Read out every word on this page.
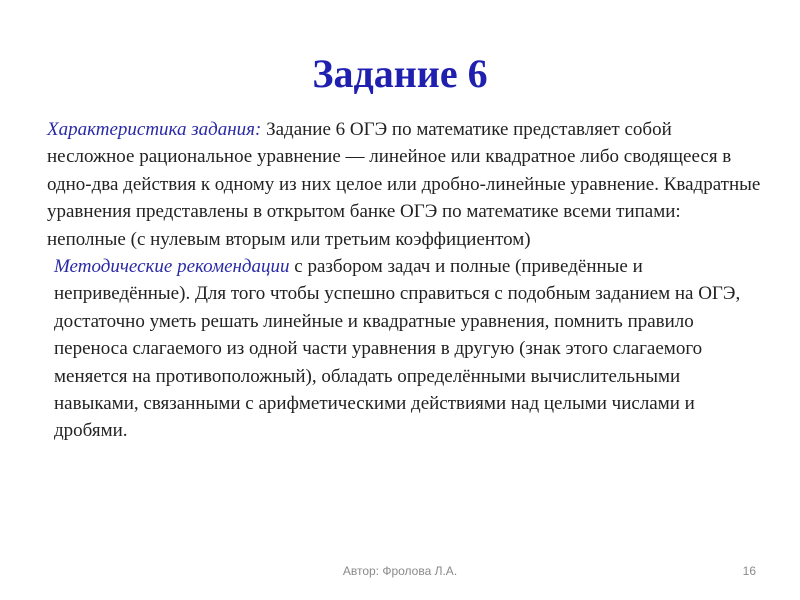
Задание 6

Характеристика задания: Задание 6 ОГЭ по математике представляет собой несложное рациональное уравнение — линейное или квадратное либо сводящееся в одно-два действия к одному из них целое или дробно-линейные уравнение. Квадратные уравнения представлены в открытом банке ОГЭ по математике всеми типами: неполные (с нулевым вторым или третьим коэффициентом)

Методические рекомендации с разбором задач и полные (приведённые и неприведённые). Для того чтобы успешно справиться с подобным заданием на ОГЭ, достаточно уметь решать линейные и квадратные уравнения, помнить правило переноса слагаемого из одной части уравнения в другую (знак этого слагаемого меняется на противоположный), обладать определёнными вычислительными навыками, связанными с арифметическими действиями над целыми числами и дробями.

Автор: Фролова Л.А.	16
